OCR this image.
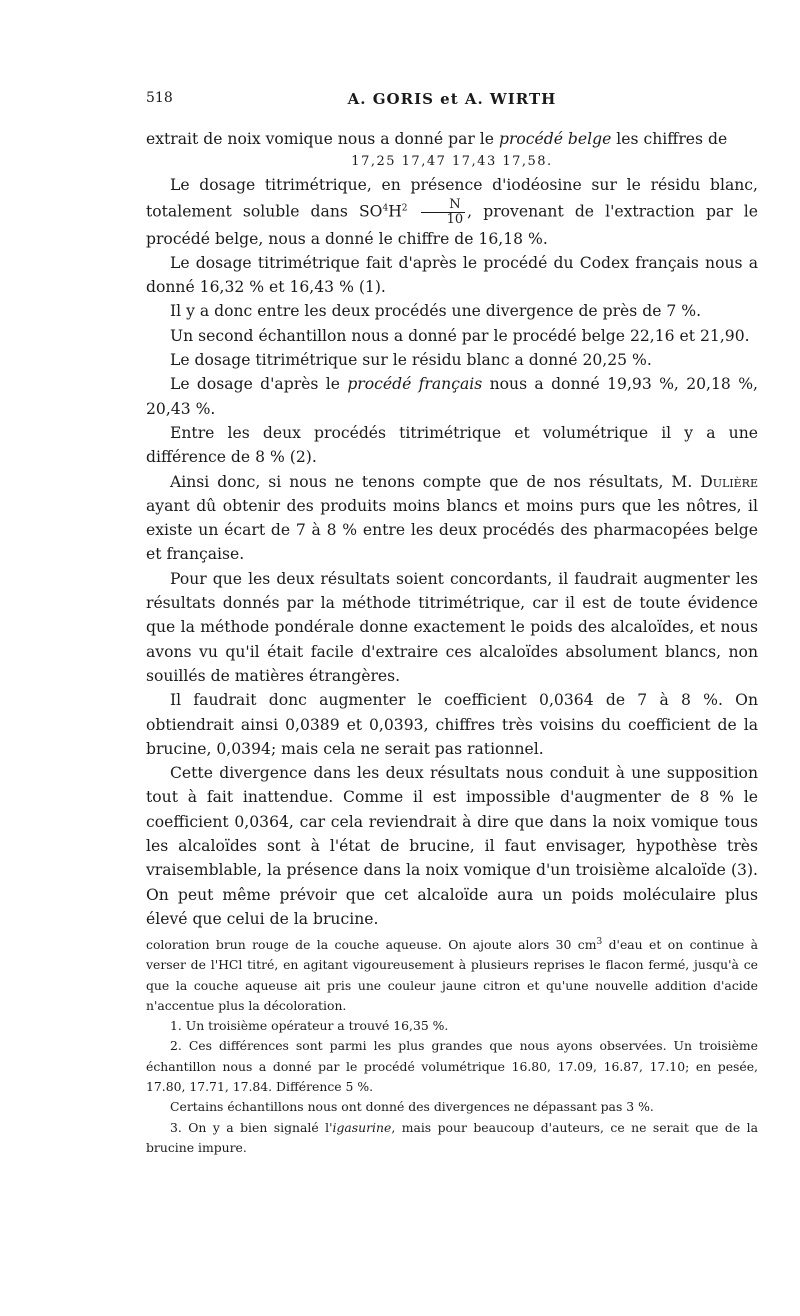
518	A. GORIS et A. WIRTH

extrait de noix vomique nous a donné par le procédé belge les chiffres de

17,25 17,47 17,43 17,58.

Le dosage titrimétrique, en présence d'iodéosine sur le résidu blanc, totalement soluble dans $SO^4H^2 \frac{N}{10}$ , provenant de l'extraction par le procédé belge, nous a donné le chiffre de 16,18 %.

Le dosage titrimétrique fait d'après le procédé du Codex français nous a donné 16,32 % et 16,43 % (1).

Il y a donc entre les deux procédés une divergence de près de 7 %.

Un second échantillon nous a donné par le procédé belge 22,16 et 21,90.

Le dosage titrimétrique sur le résidu blanc a donné 20,25 %.

Le dosage d'après le procédé français nous a donné 19,93 %, 20,18 %, 20,43 %.

Entre les deux procédés titrimétrique et volumétrique il y a une différence de 8 % (2).

Ainsi donc, si nous ne tenons compte que de nos résultats, M. Dulière ayant dû obtenir des produits moins blancs et moins purs que les nôtres, il existe un écart de 7 à 8 % entre les deux procédés des pharmacopées belge et française.

Pour que les deux résultats soient concordants, il faudrait augmenter les résultats donnés par la méthode titrimétrique, car il est de toute évidence que la méthode pondérale donne exactement le poids des alcaloïdes, et nous avons vu qu'il était facile d'extraire ces alcaloïdes absolument blancs, non souillés de matières étrangères.

Il faudrait donc augmenter le coefficient 0,0364 de 7 à 8 %. On obtiendrait ainsi 0,0389 et 0,0393, chiffres très voisins du coefficient de la brucine, 0,0394; mais cela ne serait pas rationnel.

Cette divergence dans les deux résultats nous conduit à une supposition tout à fait inattendue. Comme il est impossible d'augmenter de 8 % le coefficient 0,0364, car cela reviendrait à dire que dans la noix vomique tous les alcaloïdes sont à l'état de brucine, il faut envisager, hypothèse très vraisemblable, la présence dans la noix vomique d'un troisième alcaloïde (3). On peut même prévoir que cet alcaloïde aura un poids moléculaire plus élevé que celui de la brucine.

coloration brun rouge de la couche aqueuse. On ajoute alors 30 $cm^3$ d'eau et on continue à verser de l'HCl titré, en agitant vigoureusement à plusieurs reprises le flacon fermé, jusqu'à ce que la couche aqueuse ait pris une couleur jaune citron et qu'une nouvelle addition d'acide n'accentue plus la décoloration.

1. Un troisième opérateur a trouvé 16,35 %.

2. Ces différences sont parmi les plus grandes que nous ayons observées. Un troisième échantillon nous a donné par le procédé volumétrique 16.80, 17.09, 16.87, 17.10; en pesée, 17.80, 17.71, 17.84. Différence 5 %.

Certains échantillons nous ont donné des divergences ne dépassant pas 3 %.

3. On y a bien signalé l'igasurine, mais pour beaucoup d'auteurs, ce ne serait que de la brucine impure.
